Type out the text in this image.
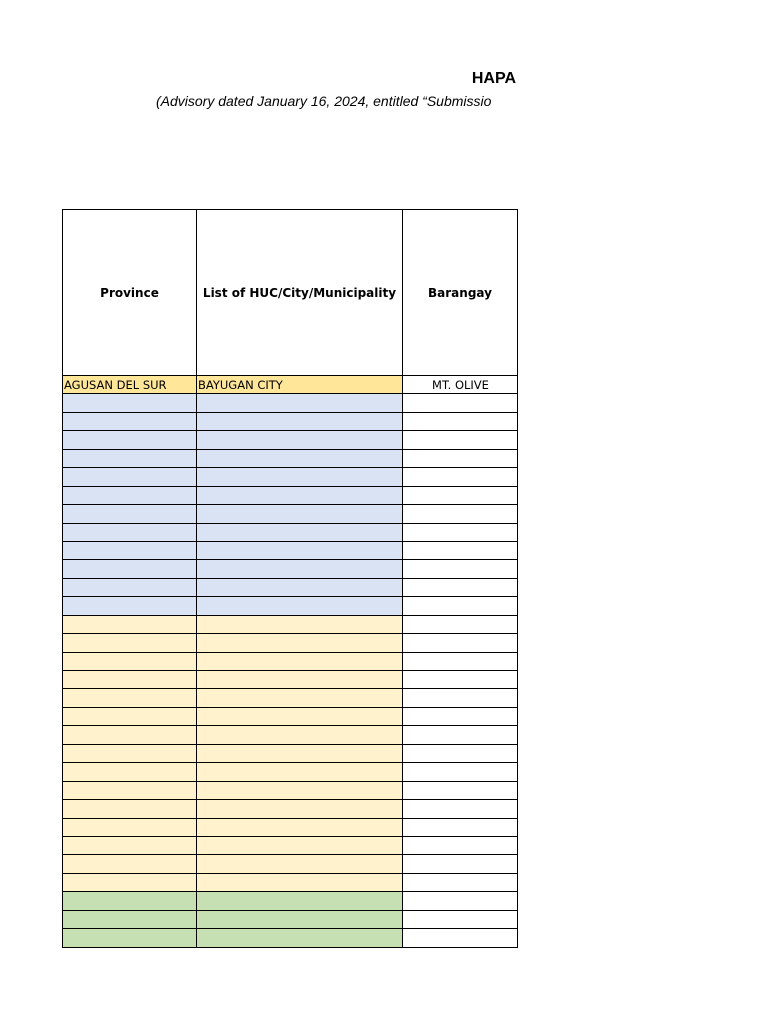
HAPA
(Advisory dated January 16, 2024, entitled “Submissio
Province	List of HUC/City/Municipality	Barangay
AGUSAN DEL SUR	BAYUGAN CITY	MT. OLIVE
